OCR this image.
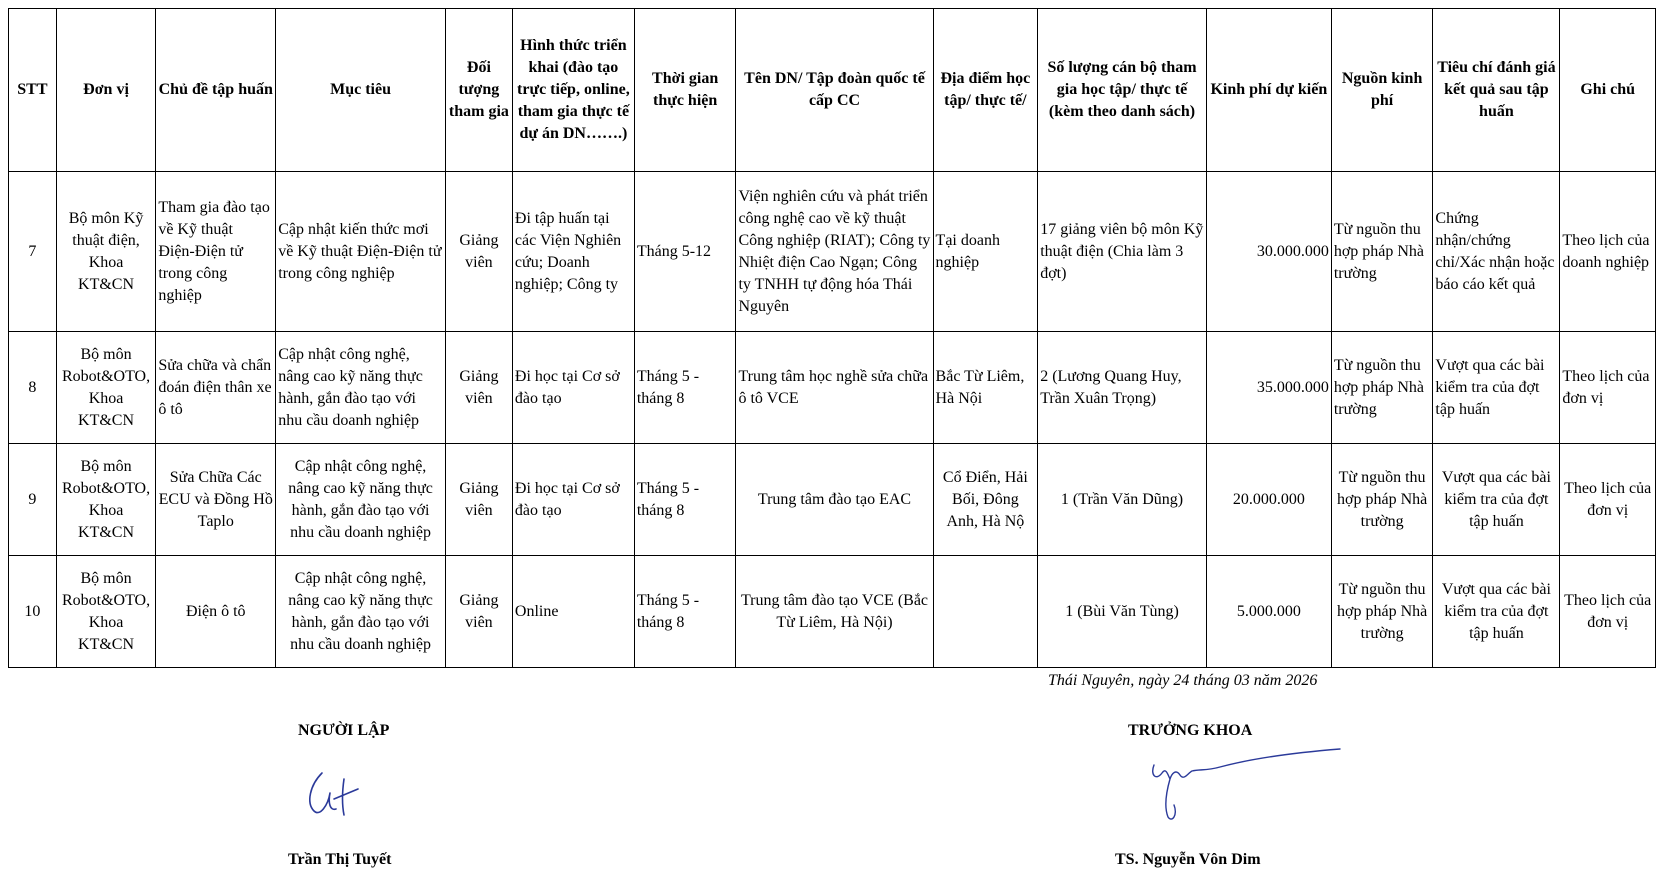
STT	Đơn vị	Chủ đề tập huấn	Mục tiêu	Đối tượng tham gia	Hình thức triển khai (đào tạo trực tiếp, online, tham gia thực tế dự án DN…….)	Thời gian thực hiện	Tên DN/ Tập đoàn quốc tế cấp CC	Địa điểm học tập/ thực tế/	Số lượng cán bộ tham gia học tập/ thực tế (kèm theo danh sách)	Kinh phí dự kiến	Nguồn kinh phí	Tiêu chí đánh giá kết quả sau tập huấn	Ghi chú
7	Bộ môn Kỹ thuật điện, Khoa KT&CN	Tham gia đào tạo về Kỹ thuật Điện-Điện tử trong công nghiệp	Cập nhật kiến thức mơi về Kỹ thuật Điện-Điện tử trong công nghiệp	Giảng viên	Đi tập huấn tại các Viện Nghiên cứu; Doanh nghiệp; Công ty	Tháng 5-12	Viện nghiên cứu và phát triển công nghệ cao về kỹ thuật Công nghiệp (RIAT); Công ty Nhiệt điện Cao Ngạn; Công ty TNHH tự động hóa Thái Nguyên	Tại doanh nghiệp	17 giảng viên bộ môn Kỹ thuật điện (Chia làm 3 đợt)	30.000.000	Từ nguồn thu hợp pháp Nhà trường	Chứng nhận/chứng chỉ/Xác nhận hoặc báo cáo kết quả	Theo lịch của doanh nghiệp
8	Bộ môn Robot&OTO, Khoa KT&CN	Sửa chữa và chẩn đoán điện thân xe ô tô	Cập nhật công nghệ, nâng cao kỹ năng thực hành, gắn đào tạo với nhu cầu doanh nghiệp	Giảng viên	Đi học tại Cơ sở đào tạo	Tháng 5 - tháng 8	Trung tâm học nghề sửa chữa ô tô VCE	Bắc Từ Liêm, Hà Nội	2 (Lương Quang Huy, Trần Xuân Trọng)	35.000.000	Từ nguồn thu hợp pháp Nhà trường	Vượt qua các bài kiểm tra của đợt tập huấn	Theo lịch của đơn vị
9	Bộ môn Robot&OTO, Khoa KT&CN	Sửa Chữa Các ECU và Đồng Hồ Taplo	Cập nhật công nghệ, nâng cao kỹ năng thực hành, gắn đào tạo với nhu cầu doanh nghiệp	Giảng viên	Đi học tại Cơ sở đào tạo	Tháng 5 - tháng 8	Trung tâm đào tạo EAC	Cổ Điển, Hải Bối, Đông Anh, Hà Nộ	1 (Trần Văn Dũng)	20.000.000	Từ nguồn thu hợp pháp Nhà trường	Vượt qua các bài kiểm tra của đợt tập huấn	Theo lịch của đơn vị
10	Bộ môn Robot&OTO, Khoa KT&CN	Điện ô tô	Cập nhật công nghệ, nâng cao kỹ năng thực hành, gắn đào tạo với nhu cầu doanh nghiệp	Giảng viên	Online	Tháng 5 - tháng 8	Trung tâm đào tạo VCE (Bắc Từ Liêm, Hà Nội)		1 (Bùi Văn Tùng)	5.000.000	Từ nguồn thu hợp pháp Nhà trường	Vượt qua các bài kiểm tra của đợt tập huấn	Theo lịch của đơn vị
Thái Nguyên, ngày 24 tháng 03 năm 2026
NGƯỜI LẬP
Trần Thị Tuyết
TRƯỞNG KHOA
TS. Nguyễn Vôn Dim
